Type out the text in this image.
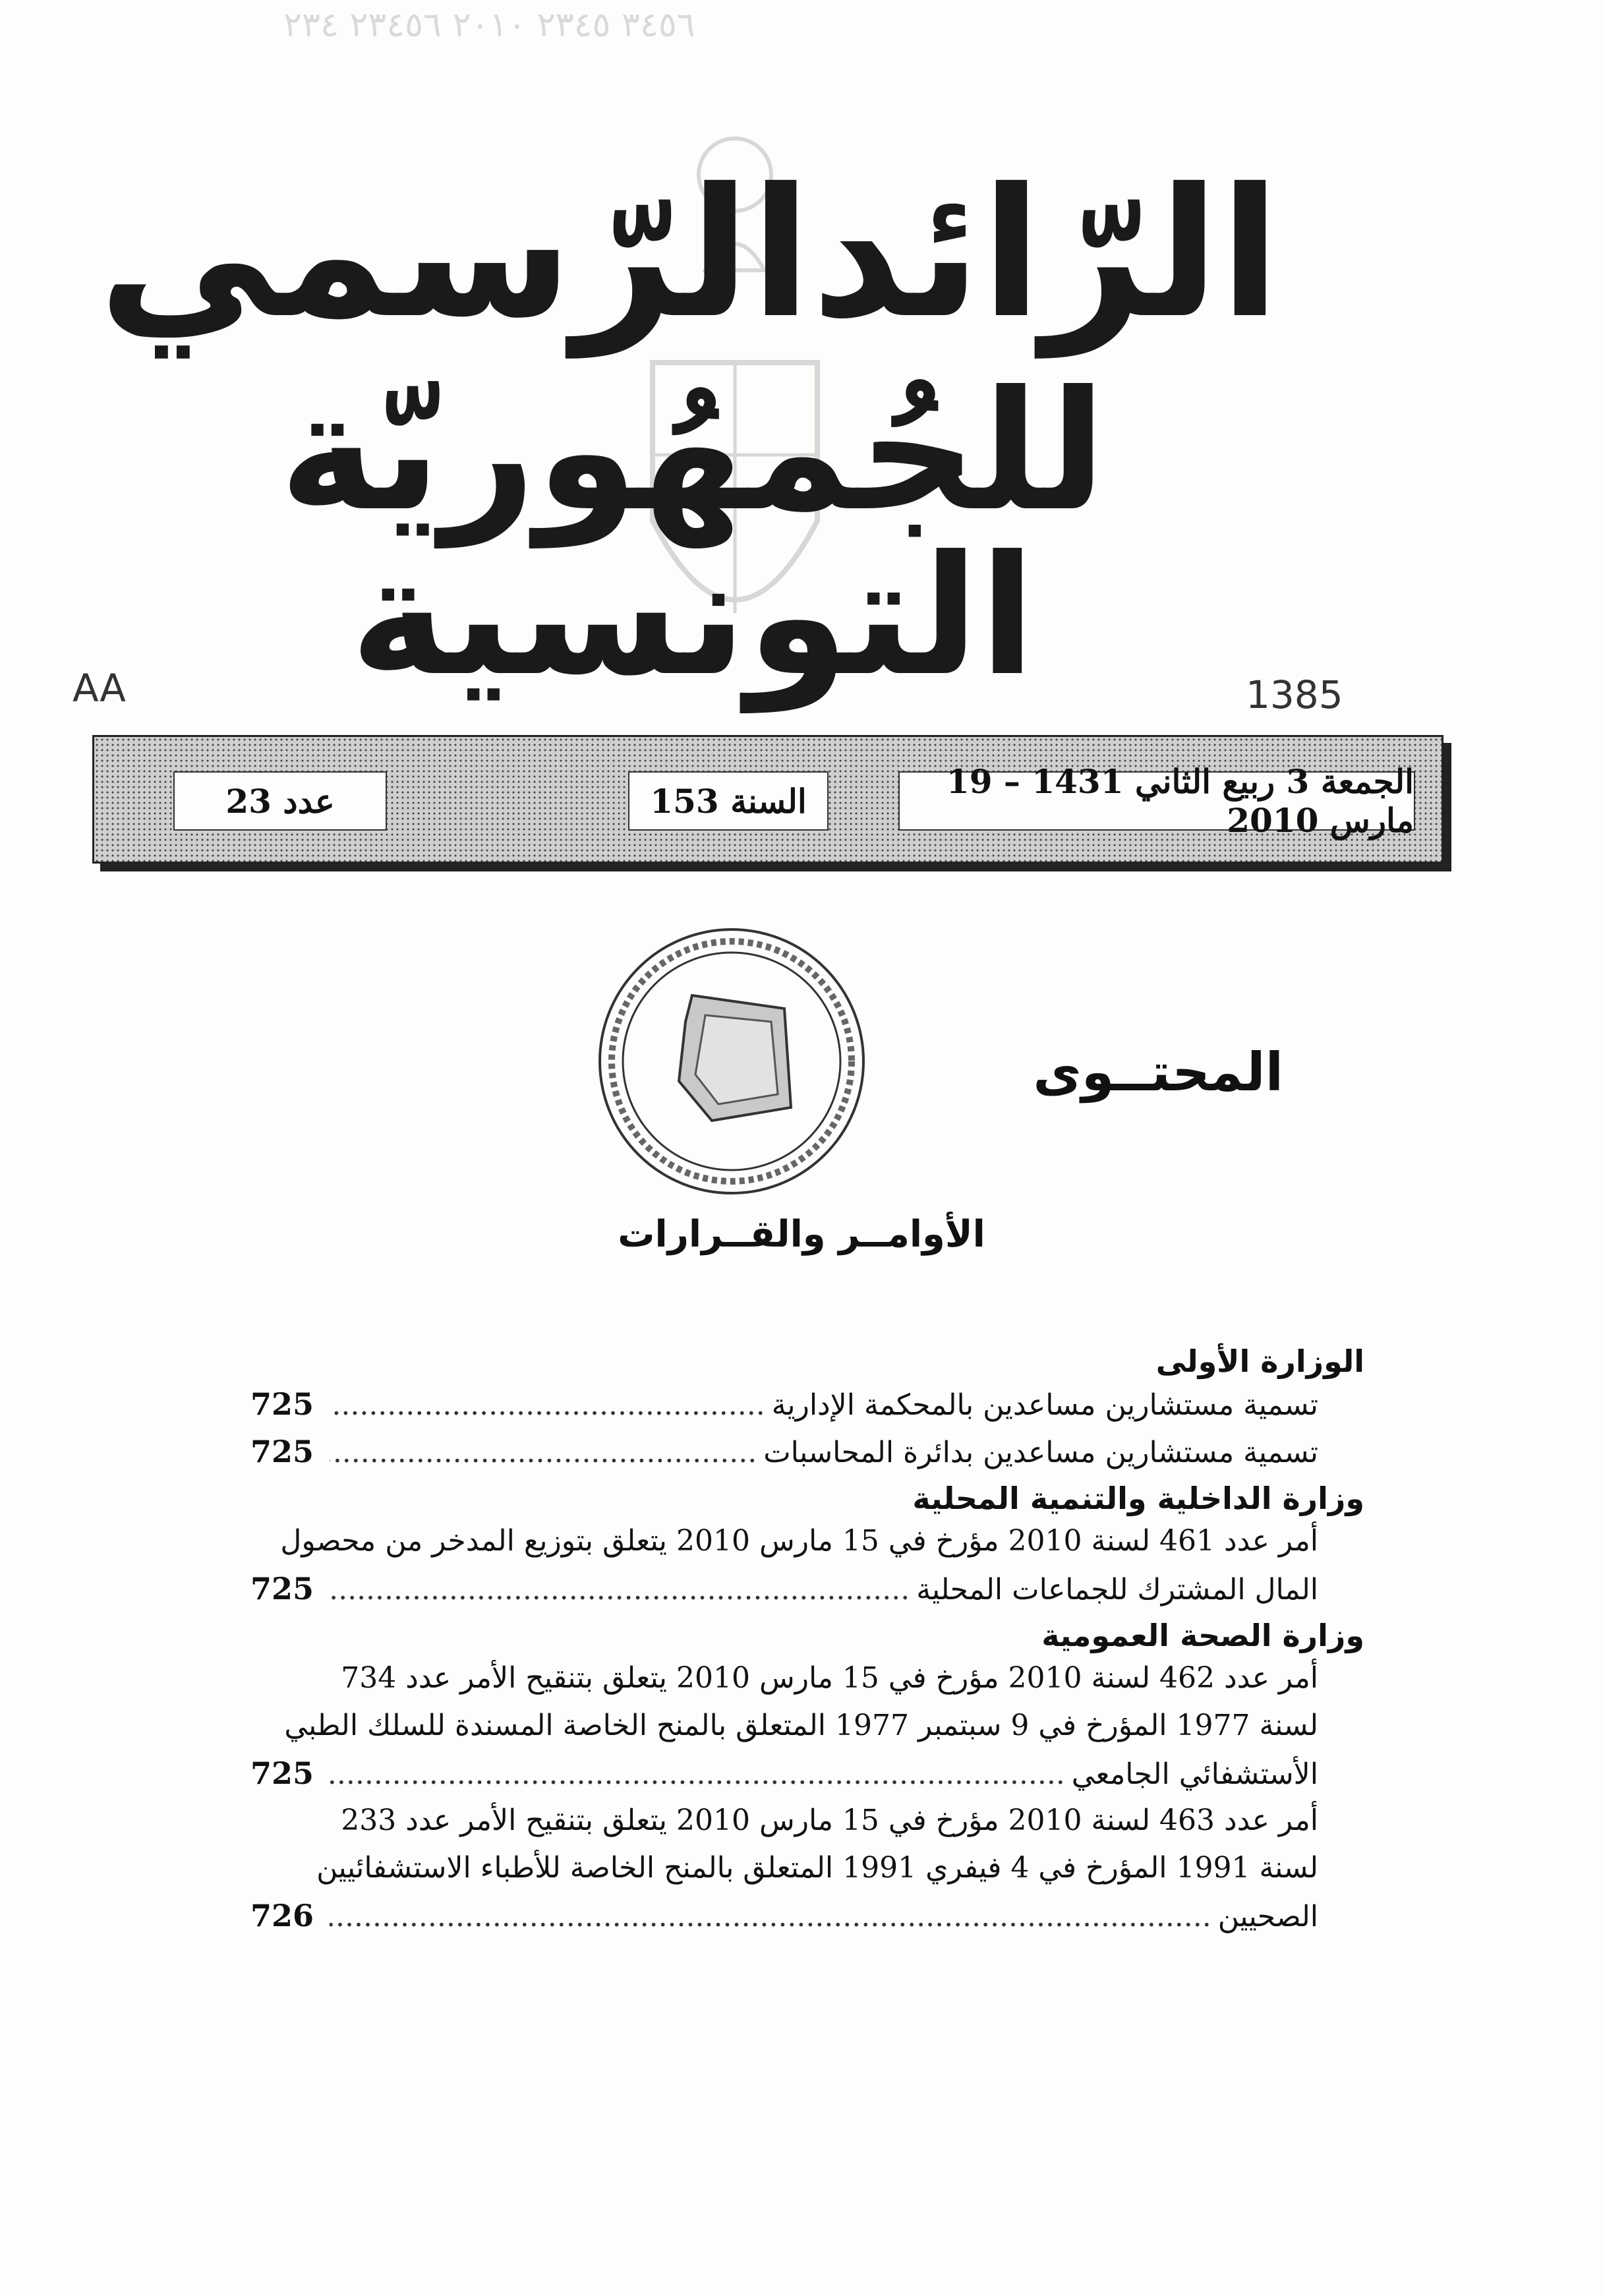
٣٤٥٦ ٢٣٤٥ ٢٠١٠ ٢٣٤٥٦ ٢٣٤
الرّائدالرّسمي
للجُمهُوريّة التونسية
AA	1385
الجمعة 3 ربيع الثاني 1431 – 19 مارس 2010
السنة 153
عدد 23
المحتــوى
الأوامــر والقــرارات
الوزارة الأولى
تسمية مستشارين مساعدين بالمحكمة الإدارية
.....
725
تسمية مستشارين مساعدين بدائرة المحاسبات
.....
725
وزارة الداخلية والتنمية المحلية
أمر عدد 461 لسنة 2010 مؤرخ في 15 مارس 2010 يتعلق بتوزيع المدخر من محصول
المال المشترك للجماعات المحلية
.....
725
وزارة الصحة العمومية
أمر عدد 462 لسنة 2010 مؤرخ في 15 مارس 2010 يتعلق بتنقيح الأمر عدد 734
لسنة 1977 المؤرخ في 9 سبتمبر 1977 المتعلق بالمنح الخاصة المسندة للسلك الطبي
الأستشفائي الجامعي
.....
725
أمر عدد 463 لسنة 2010 مؤرخ في 15 مارس 2010 يتعلق بتنقيح الأمر عدد 233
لسنة 1991 المؤرخ في 4 فيفري 1991 المتعلق بالمنح الخاصة للأطباء الاستشفائيين
الصحيين
.....
726
